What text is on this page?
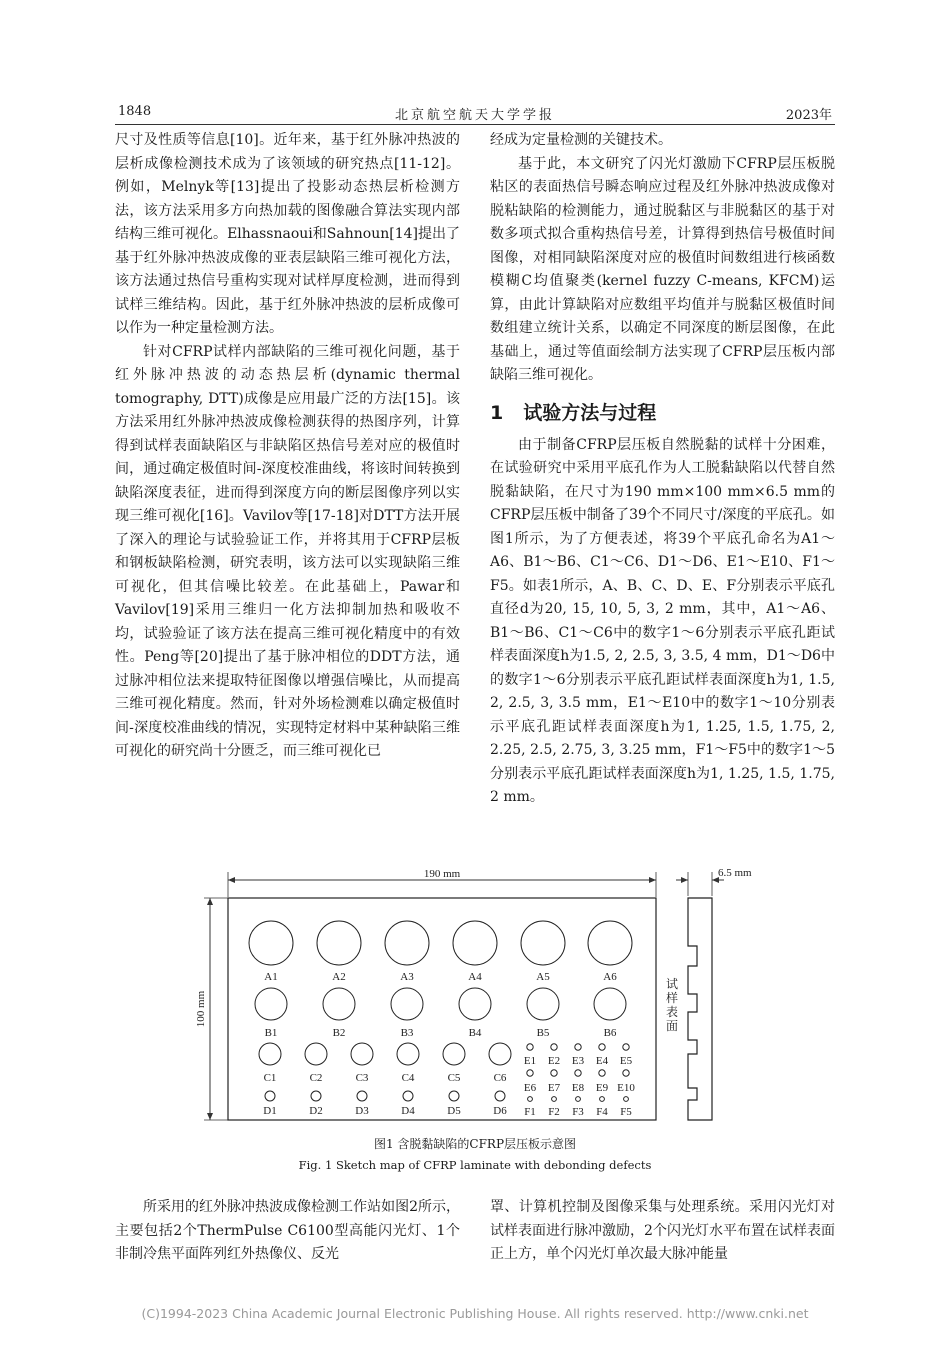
1848	北京航空航天大学学报	2023年

尺寸及性质等信息[10]。近年来，基于红外脉冲热波的层析成像检测技术成为了该领域的研究热点[11-12]。例如，Melnyk等[13]提出了投影动态热层析检测方法，该方法采用多方向热加载的图像融合算法实现内部结构三维可视化。Elhassnaoui和Sahnoun[14]提出了基于红外脉冲热波成像的亚表层缺陷三维可视化方法，该方法通过热信号重构实现对试样厚度检测，进而得到试样三维结构。因此，基于红外脉冲热波的层析成像可以作为一种定量检测方法。

针对CFRP试样内部缺陷的三维可视化问题，基于红外脉冲热波的动态热层析(dynamic thermal tomography, DTT)成像是应用最广泛的方法[15]。该方法采用红外脉冲热波成像检测获得的热图序列，计算得到试样表面缺陷区与非缺陷区热信号差对应的极值时间，通过确定极值时间-深度校准曲线，将该时间转换到缺陷深度表征，进而得到深度方向的断层图像序列以实现三维可视化[16]。Vavilov等[17-18]对DTT方法开展了深入的理论与试验验证工作，并将其用于CFRP层板和钢板缺陷检测，研究表明，该方法可以实现缺陷三维可视化，但其信噪比较差。在此基础上，Pawar和Vavilov[19]采用三维归一化方法抑制加热和吸收不均，试验验证了该方法在提高三维可视化精度中的有效性。Peng等[20]提出了基于脉冲相位的DDT方法，通过脉冲相位法来提取特征图像以增强信噪比，从而提高三维可视化精度。然而，针对外场检测难以确定极值时间-深度校准曲线的情况，实现特定材料中某种缺陷三维可视化的研究尚十分匮乏，而三维可视化已

经成为定量检测的关键技术。

基于此，本文研究了闪光灯激励下CFRP层压板脱粘区的表面热信号瞬态响应过程及红外脉冲热波成像对脱粘缺陷的检测能力，通过脱黏区与非脱黏区的基于对数多项式拟合重构热信号差，计算得到热信号极值时间图像，对相同缺陷深度对应的极值时间数组进行核函数模糊C均值聚类(kernel fuzzy C-means, KFCM)运算，由此计算缺陷对应数组平均值并与脱黏区极值时间数组建立统计关系，以确定不同深度的断层图像，在此基础上，通过等值面绘制方法实现了CFRP层压板内部缺陷三维可视化。

1 试验方法与过程

由于制备CFRP层压板自然脱黏的试样十分困难，在试验研究中采用平底孔作为人工脱黏缺陷以代替自然脱黏缺陷，在尺寸为190 mm×100 mm×6.5 mm的CFRP层压板中制备了39个不同尺寸/深度的平底孔。如图1所示，为了方便表述，将39个平底孔命名为A1～A6、B1～B6、C1～C6、D1～D6、E1～E10、F1～F5。如表1所示，A、B、C、D、E、F分别表示平底孔直径d为20, 15, 10, 5, 3, 2 mm，其中，A1～A6、B1～B6、C1～C6中的数字1～6分别表示平底孔距试样表面深度h为1.5, 2, 2.5, 3, 3.5, 4 mm，D1～D6中的数字1～6分别表示平底孔距试样表面深度h为1, 1.5, 2, 2.5, 3, 3.5 mm，E1～E10中的数字1～10分别表示平底孔距试样表面深度h为1, 1.25, 1.5, 1.75, 2, 2.25, 2.5, 2.75, 3, 3.25 mm，F1～F5中的数字1～5分别表示平底孔距试样表面深度h为1, 1.25, 1.5, 1.75, 2 mm。

190 mm
100 mm
试
样
表
面
6.5 mm
A1	A2	A3	A4	A5	A6
B1	B2	B3	B4	B5	B6
C1	C2	C3	C4	C5	C6
D1	D2	D3	D4	D5	D6
E1 E2 E3 E4 E5
E6 E7 E8 E9 E10
F1 F2 F3 F4 F5
图1 含脱黏缺陷的CFRP层压板示意图
Fig. 1 Sketch map of CFRP laminate with debonding defects

所采用的红外脉冲热波成像检测工作站如图2所示，主要包括2个ThermPulse C6100型高能闪光灯、1个非制冷焦平面阵列红外热像仪、反光

罩、计算机控制及图像采集与处理系统。采用闪光灯对试样表面进行脉冲激励，2个闪光灯水平布置在试样表面正上方，单个闪光灯单次最大脉冲能量

(C)1994-2023 China Academic Journal Electronic Publishing House. All rights reserved. http://www.cnki.net
